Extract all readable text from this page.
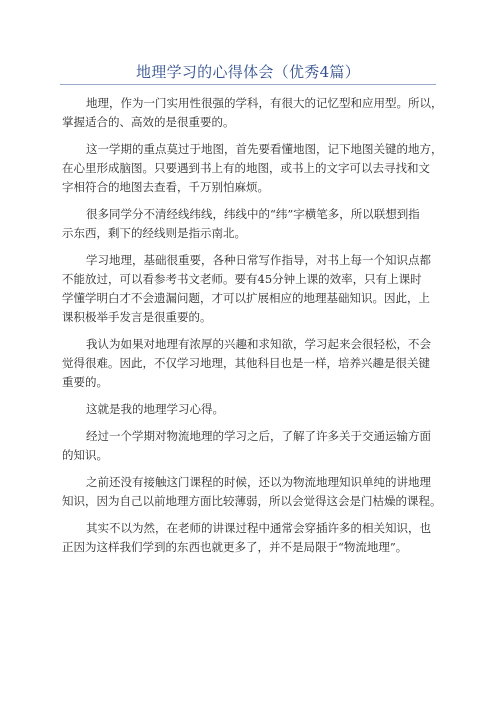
地理学习的心得体会（优秀4篇）
地理，作为一门实用性很强的学科，有很大的记忆型和应用型。所以，
掌握适合的、高效的是很重要的。
这一学期的重点莫过于地图，首先要看懂地图，记下地图关键的地方，
在心里形成脑图。只要遇到书上有的地图，或书上的文字可以去寻找和文
字相符合的地图去查看，千万别怕麻烦。
很多同学分不清经线纬线，纬线中的“纬”字横笔多，所以联想到指
示东西，剩下的经线则是指示南北。
学习地理，基础很重要，各种日常写作指导，对书上每一个知识点都
不能放过，可以看参考书文老师。要有45分钟上课的效率，只有上课时
学懂学明白才不会遗漏问题，才可以扩展相应的地理基础知识。因此，上
课积极举手发言是很重要的。
我认为如果对地理有浓厚的兴趣和求知欲，学习起来会很轻松，不会
觉得很难。因此，不仅学习地理，其他科目也是一样，培养兴趣是很关键
重要的。
这就是我的地理学习心得。
经过一个学期对物流地理的学习之后，了解了许多关于交通运输方面
的知识。
之前还没有接触这门课程的时候，还以为物流地理知识单纯的讲地理
知识，因为自己以前地理方面比较薄弱，所以会觉得这会是门枯燥的课程。
其实不以为然，在老师的讲课过程中通常会穿插许多的相关知识，也
正因为这样我们学到的东西也就更多了，并不是局限于“物流地理”。
